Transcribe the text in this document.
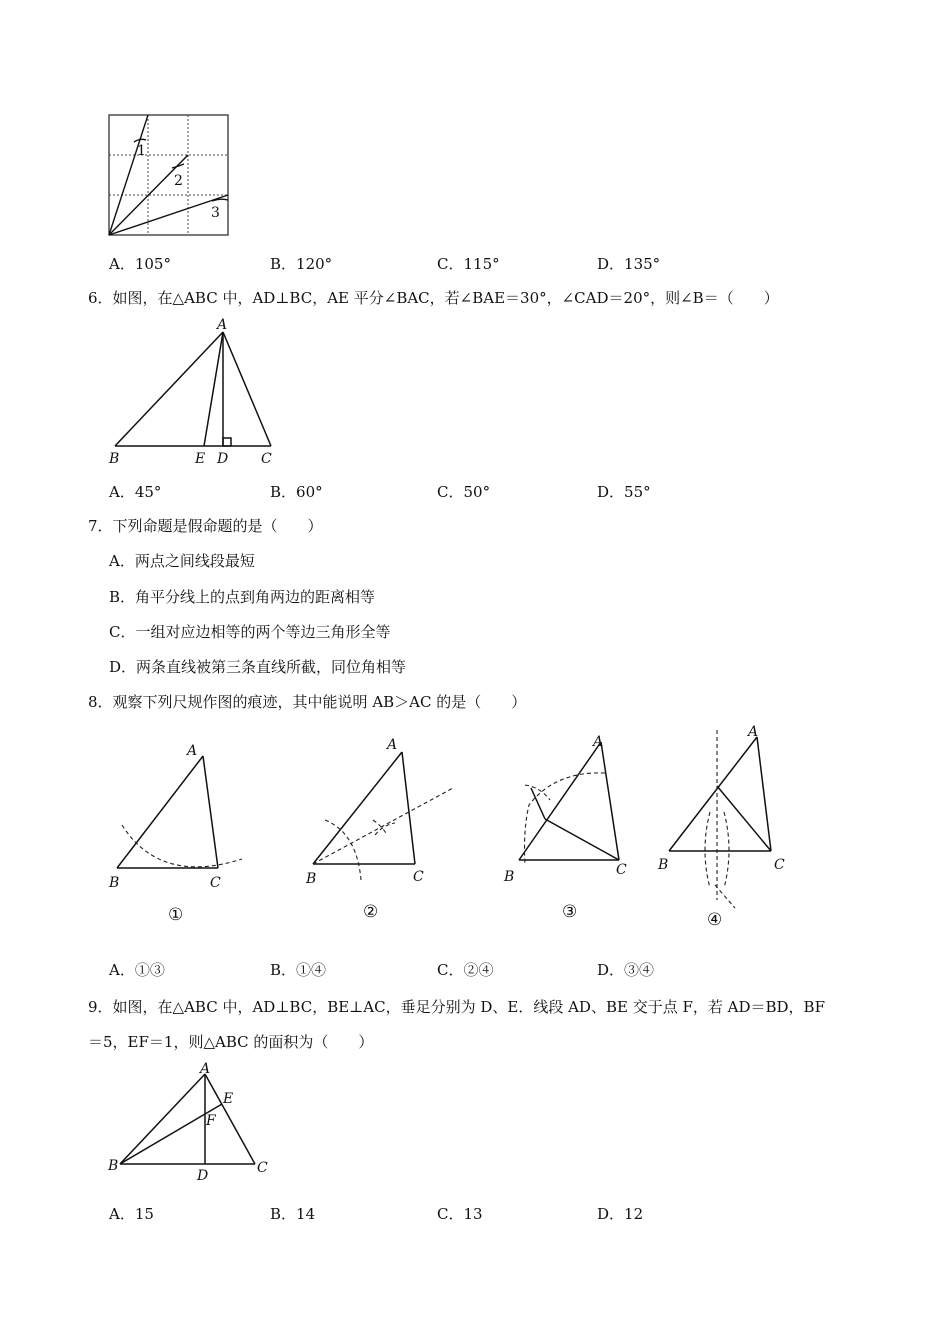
1
2
3
A．105°	B．120°	C．115°	D．135°
6．如图，在△ABC 中，AD⊥BC，AE 平分∠BAC，若∠BAE＝30°，∠CAD＝20°，则∠B＝（　　）
A
B	E D C
A．45°	B．60°	C．50°	D．55°
7．下列命题是假命题的是（　　）
A．两点之间线段最短
B．角平分线上的点到角两边的距离相等
C．一组对应边相等的两个等边三角形全等
D．两条直线被第三条直线所截，同位角相等
8．观察下列尺规作图的痕迹，其中能说明 AB＞AC 的是（　　）
A
B	C
①
A
B	C
②
A
B	C
③
A
B	C
④
A．①③	B．①④	C．②④	D．③④
9．如图，在△ABC 中，AD⊥BC，BE⊥AC，垂足分别为 D、E．线段 AD、BE 交于点 F，若 AD＝BD，BF
＝5，EF＝1，则△ABC 的面积为（　　）
A
E
F
B
D	C
A．15	B．14	C．13	D．12
